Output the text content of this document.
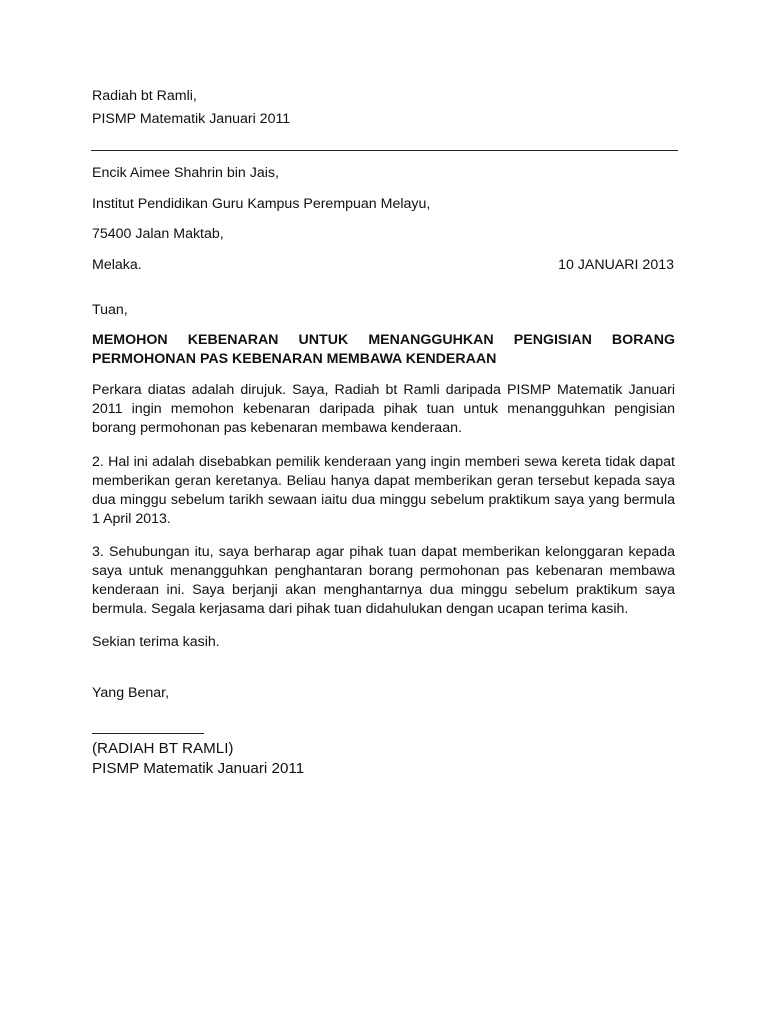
Radiah bt Ramli,
PISMP Matematik Januari 2011
Encik Aimee Shahrin bin Jais,
Institut Pendidikan Guru Kampus Perempuan Melayu,
75400 Jalan Maktab,
Melaka.	10 JANUARI 2013
Tuan,
MEMOHON KEBENARAN UNTUK MENANGGUHKAN PENGISIAN BORANG
PERMOHONAN PAS KEBENARAN MEMBAWA KENDERAAN
Perkara diatas adalah dirujuk. Saya, Radiah bt Ramli daripada PISMP Matematik Januari
2011 ingin memohon kebenaran daripada pihak tuan untuk menangguhkan pengisian
borang permohonan pas kebenaran membawa kenderaan.
2. Hal ini adalah disebabkan pemilik kenderaan yang ingin memberi sewa kereta tidak dapat
memberikan geran keretanya. Beliau hanya dapat memberikan geran tersebut kepada saya
dua minggu sebelum tarikh sewaan iaitu dua minggu sebelum praktikum saya yang bermula
1 April 2013.
3. Sehubungan itu, saya berharap agar pihak tuan dapat memberikan kelonggaran kepada
saya untuk menangguhkan penghantaran borang permohonan pas kebenaran membawa
kenderaan ini. Saya berjanji akan menghantarnya dua minggu sebelum praktikum saya
bermula. Segala kerjasama dari pihak tuan didahulukan dengan ucapan terima kasih.
Sekian terima kasih.
Yang Benar,
(RADIAH BT RAMLI)
PISMP Matematik Januari 2011
